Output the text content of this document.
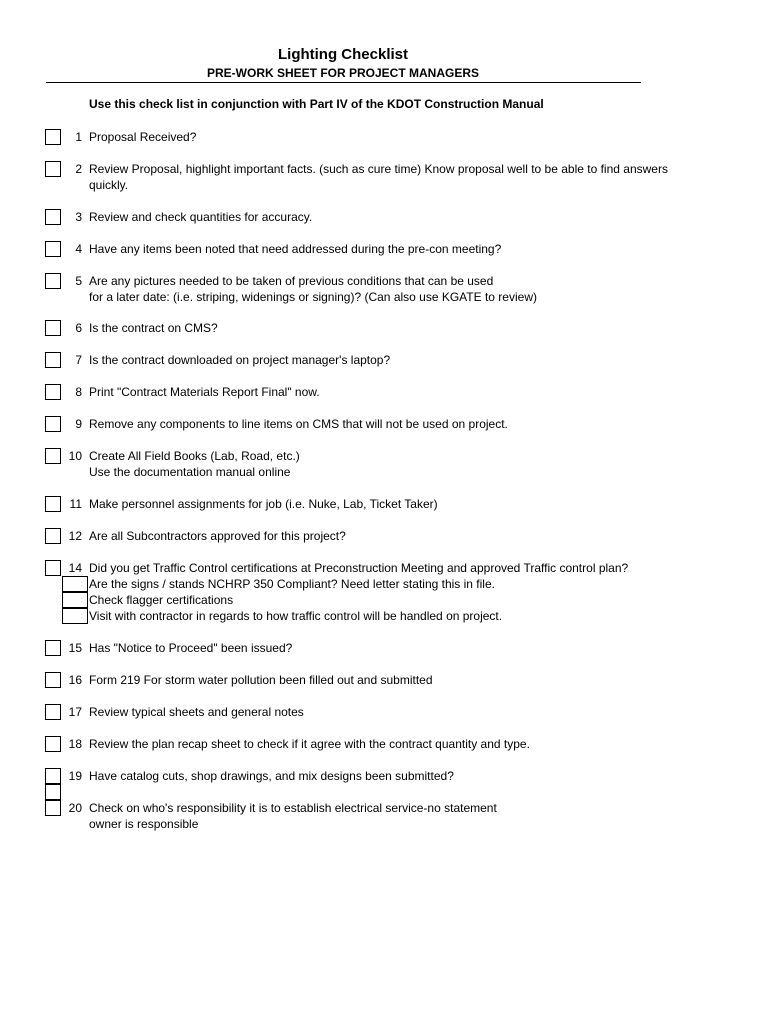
Lighting Checklist
PRE-WORK SHEET FOR PROJECT MANAGERS
Use this check list in conjunction with Part IV of the KDOT Construction Manual
1 Proposal Received?
2 Review Proposal, highlight important facts. (such as cure time) Know proposal well to be able to find answers
quickly.
3 Review and check quantities for accuracy.
4 Have any items been noted that need addressed during the pre-con meeting?
5 Are any pictures needed to be taken of previous conditions that can be used
for a later date: (i.e. striping, widenings or signing)? (Can also use KGATE to review)
6 Is the contract on CMS?
7 Is the contract downloaded on project manager's laptop?
8 Print "Contract Materials Report Final" now.
9 Remove any components to line items on CMS that will not be used on project.
10 Create All Field Books (Lab, Road, etc.)
Use the documentation manual online
11 Make personnel assignments for job (i.e. Nuke, Lab, Ticket Taker)
12 Are all Subcontractors approved for this project?
14 Did you get Traffic Control certifications at Preconstruction Meeting and approved Traffic control plan?
Are the signs / stands NCHRP 350 Compliant? Need letter stating this in file.
Check flagger certifications
Visit with contractor in regards to how traffic control will be handled on project.
15 Has "Notice to Proceed" been issued?
16 Form 219 For storm water pollution been filled out and submitted
17 Review typical sheets and general notes
18 Review the plan recap sheet to check if it agree with the contract quantity and type.
19 Have catalog cuts, shop drawings, and mix designs been submitted?
20 Check on who's responsibility it is to establish electrical service-no statement
owner is responsible
